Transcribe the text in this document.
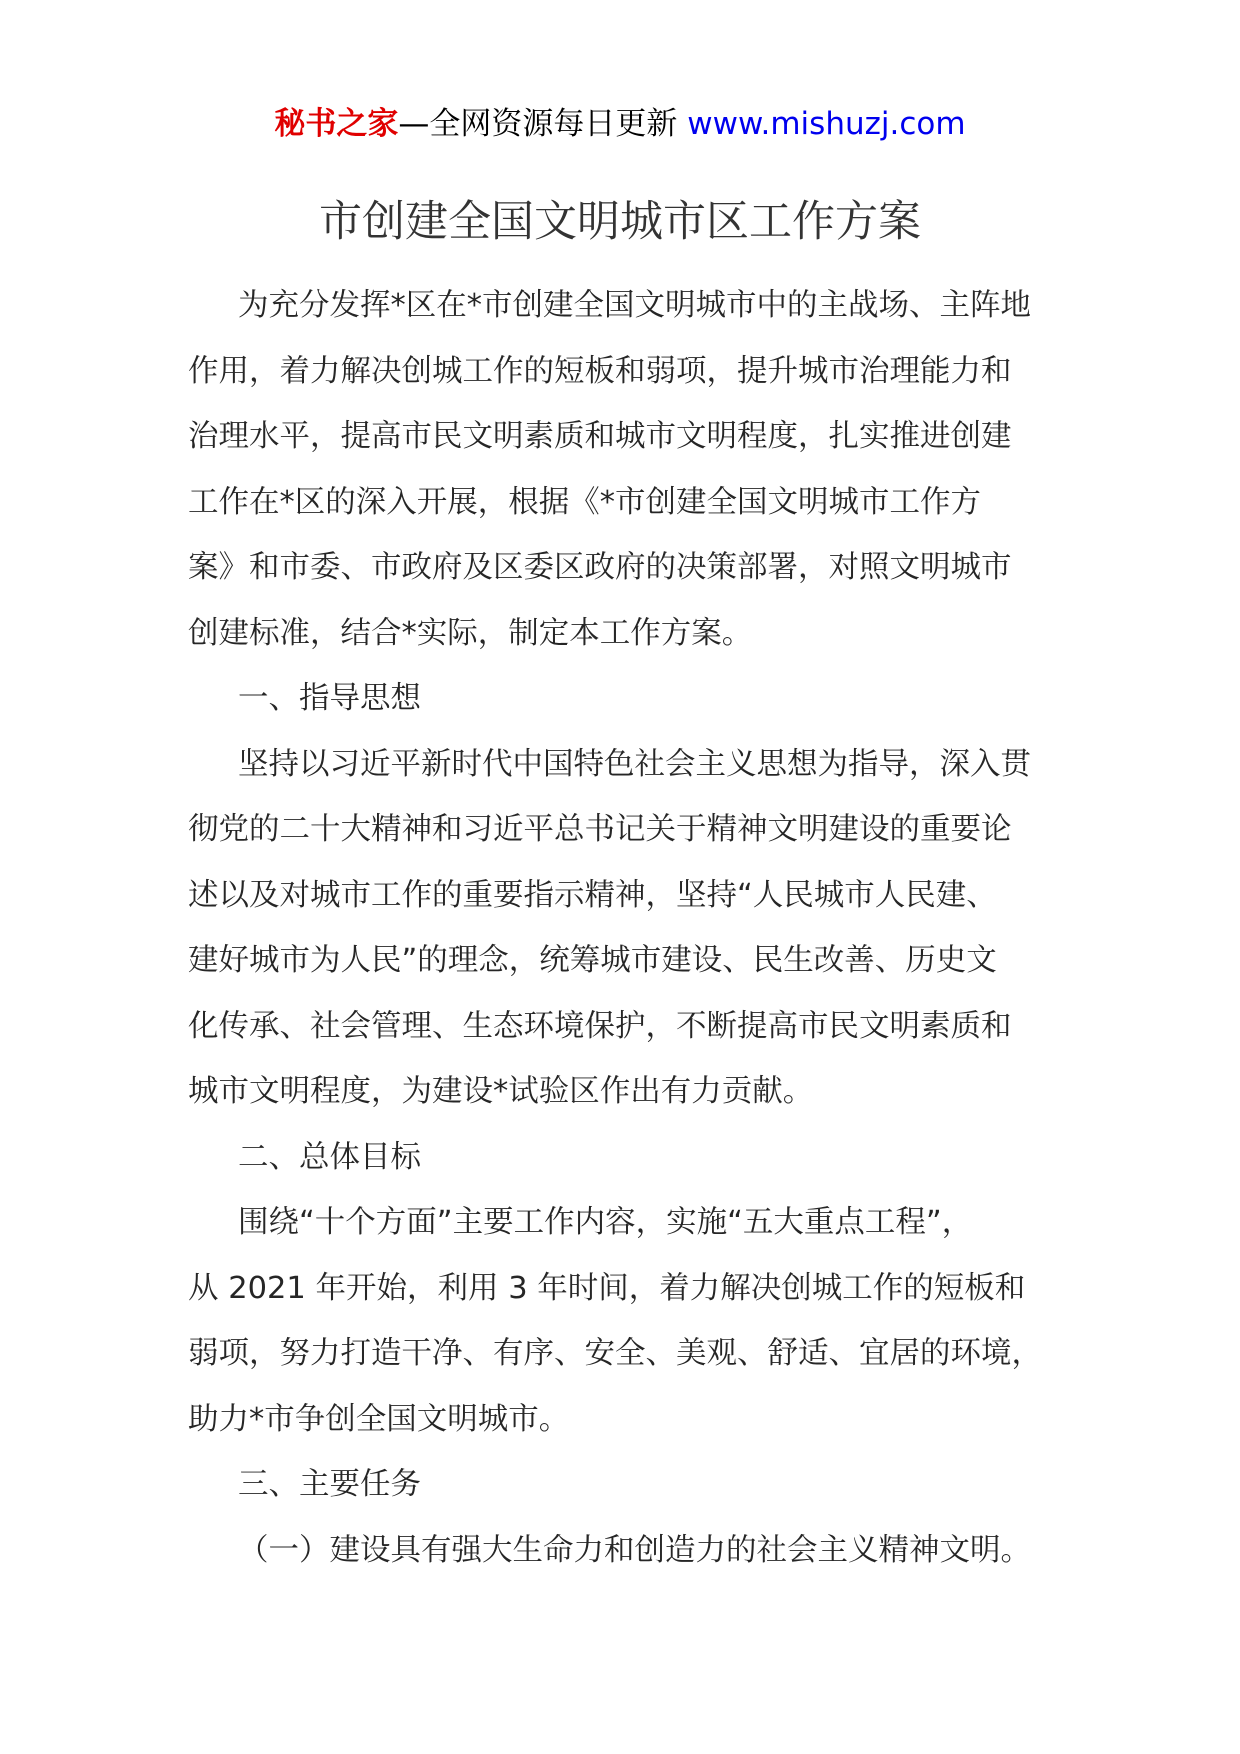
秘书之家—全网资源每日更新 www.mishuzj.com
市创建全国文明城市区工作方案
为充分发挥*区在*市创建全国文明城市中的主战场、主阵地
作用，着力解决创城工作的短板和弱项，提升城市治理能力和
治理水平，提高市民文明素质和城市文明程度，扎实推进创建
工作在*区的深入开展，根据《*市创建全国文明城市工作方
案》和市委、市政府及区委区政府的决策部署，对照文明城市
创建标准，结合*实际，制定本工作方案。
一、指导思想
坚持以习近平新时代中国特色社会主义思想为指导，深入贯
彻党的二十大精神和习近平总书记关于精神文明建设的重要论
述以及对城市工作的重要指示精神，坚持“人民城市人民建、
建好城市为人民”的理念，统筹城市建设、民生改善、历史文
化传承、社会管理、生态环境保护，不断提高市民文明素质和
城市文明程度，为建设*试验区作出有力贡献。
二、总体目标
围绕“十个方面”主要工作内容，实施“五大重点工程”，
从 2021 年开始，利用 3 年时间，着力解决创城工作的短板和
弱项，努力打造干净、有序、安全、美观、舒适、宜居的环境，
助力*市争创全国文明城市。
三、主要任务
（一）建设具有强大生命力和创造力的社会主义精神文明。
